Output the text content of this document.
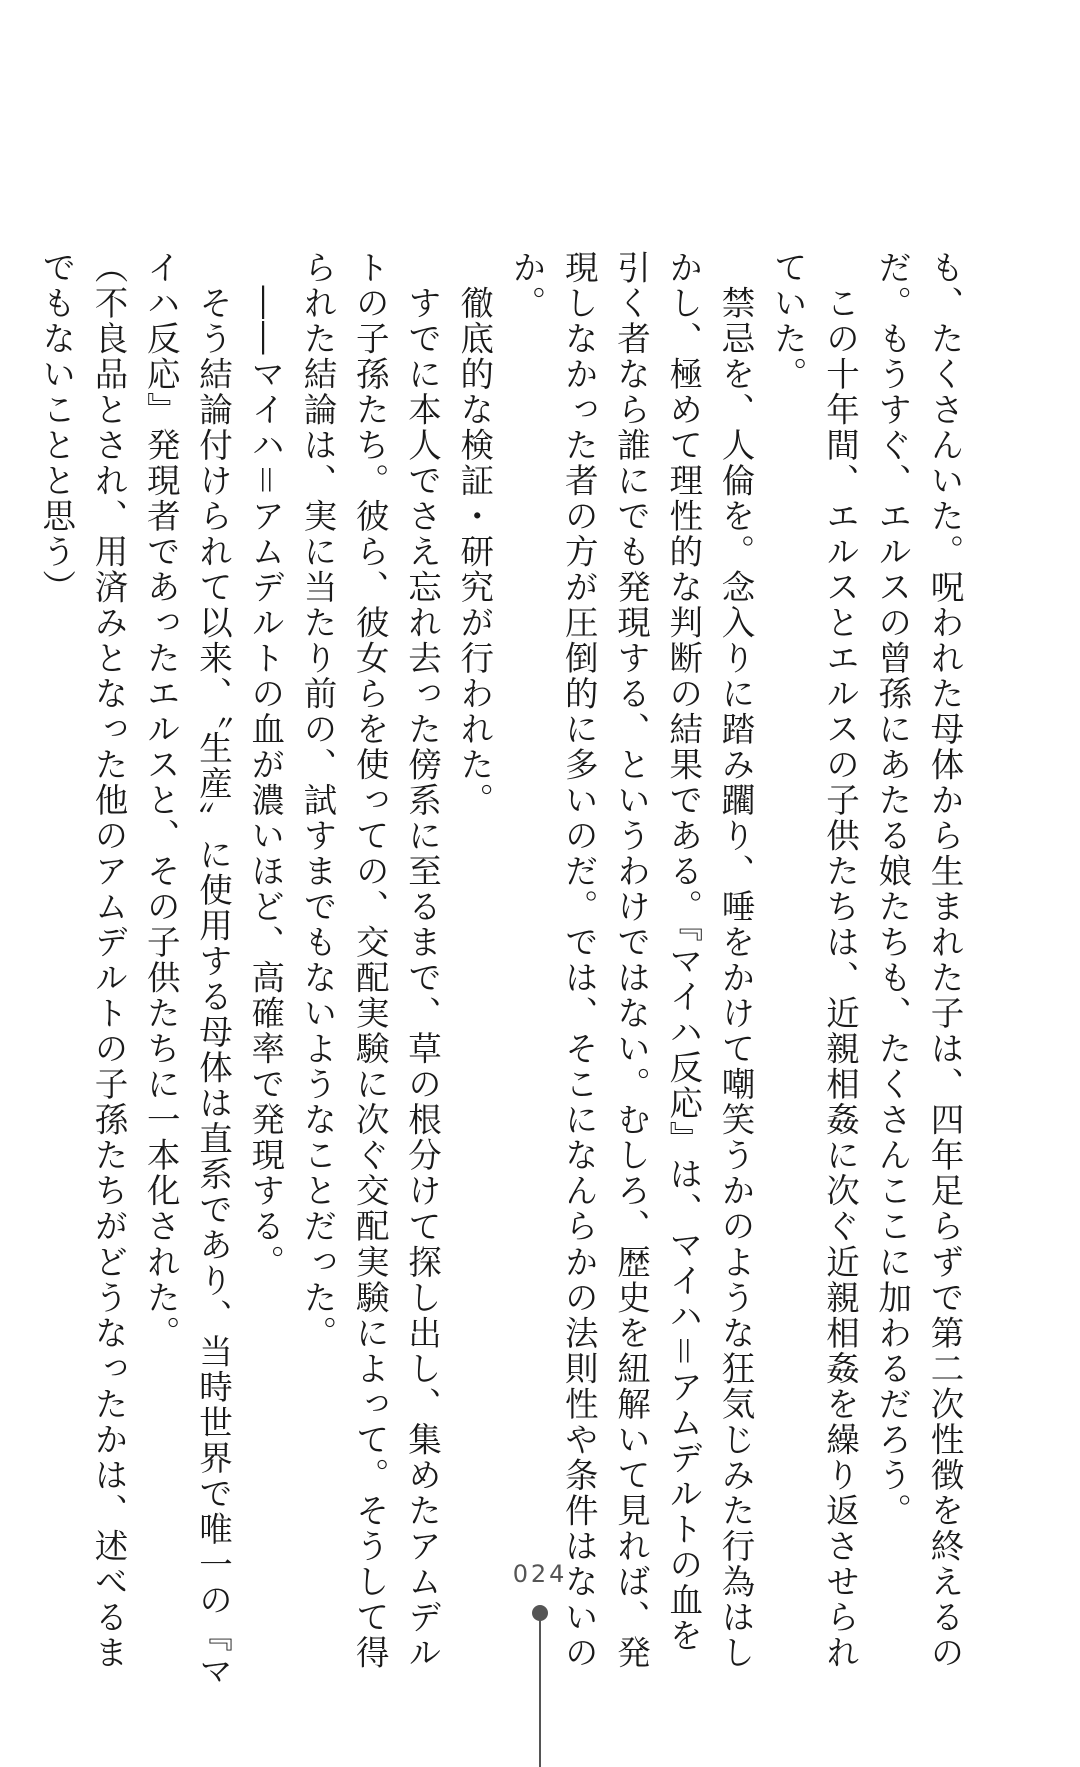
も、たくさんいた。呪われた母体から生まれた子は、四年足らずで第二次性徴を終えるの
だ。もうすぐ、エルスの曾孫にあたる娘たちも、たくさんここに加わるだろう。

　この十年間、エルスとエルスの子供たちは、近親相姦に次ぐ近親相姦を繰り返させられ
ていた。

　禁忌を、人倫を。念入りに踏み躙り、唾をかけて嘲笑うかのような狂気じみた行為はし
かし、極めて理性的な判断の結果である。『マイハ反応』は、マイハ＝アムデルトの血を
引く者なら誰にでも発現する、というわけではない。むしろ、歴史を紐解いて見れば、発
現しなかった者の方が圧倒的に多いのだ。では、そこになんらかの法則性や条件はないの
か。

　徹底的な検証・研究が行われた。

　すでに本人でさえ忘れ去った傍系に至るまで、草の根分けて探し出し、集めたアムデル
トの子孫たち。彼ら、彼女らを使っての、交配実験に次ぐ交配実験によって。そうして得
られた結論は、実に当たり前の、試すまでもないようなことだった。

　――マイハ＝アムデルトの血が濃いほど、高確率で発現する。

　そう結論付けられて以来、〝生産〟に使用する母体は直系であり、当時世界で唯一の『マ
イハ反応』発現者であったエルスと、その子供たちに一本化された。

（不良品とされ、用済みとなった他のアムデルトの子孫たちがどうなったかは、述べるま
でもないことと思う）

024
